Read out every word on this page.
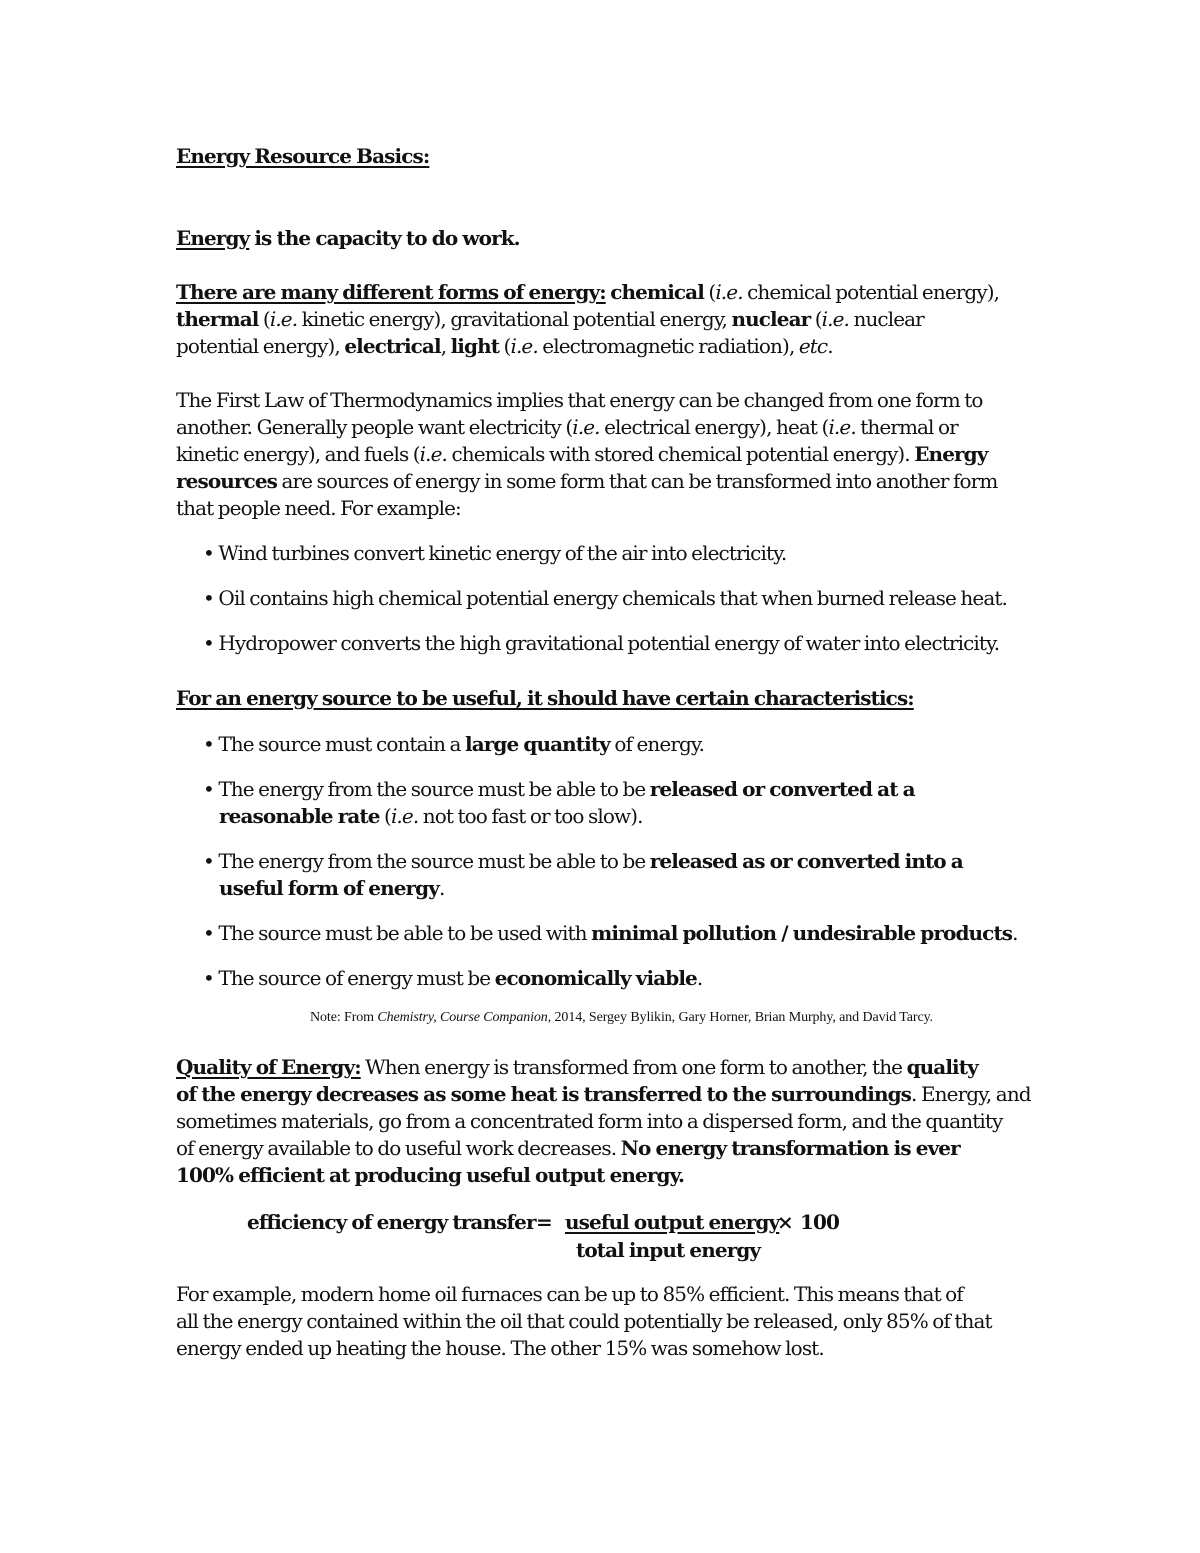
Energy Resource Basics:
Energy is the capacity to do work.
There are many different forms of energy: chemical (i.e. chemical potential energy),
thermal (i.e. kinetic energy), gravitational potential energy, nuclear (i.e. nuclear
potential energy), electrical, light (i.e. electromagnetic radiation), etc.
The First Law of Thermodynamics implies that energy can be changed from one form to
another. Generally people want electricity (i.e. electrical energy), heat (i.e. thermal or
kinetic energy), and fuels (i.e. chemicals with stored chemical potential energy). Energy
resources are sources of energy in some form that can be transformed into another form
that people need. For example:
• Wind turbines convert kinetic energy of the air into electricity.
• Oil contains high chemical potential energy chemicals that when burned release heat.
• Hydropower converts the high gravitational potential energy of water into electricity.
For an energy source to be useful, it should have certain characteristics:
• The source must contain a large quantity of energy.
• The energy from the source must be able to be released or converted at a
reasonable rate (i.e. not too fast or too slow).
• The energy from the source must be able to be released as or converted into a
useful form of energy.
• The source must be able to be used with minimal pollution / undesirable products.
• The source of energy must be economically viable.
Note: From Chemistry, Course Companion, 2014, Sergey Bylikin, Gary Horner, Brian Murphy, and David Tarcy.
Quality of Energy: When energy is transformed from one form to another, the quality
of the energy decreases as some heat is transferred to the surroundings. Energy, and
sometimes materials, go from a concentrated form into a dispersed form, and the quantity
of energy available to do useful work decreases. No energy transformation is ever
100% efficient at producing useful output energy.
efficiency of energy transfer = useful output energy
× 100
total input energy
For example, modern home oil furnaces can be up to 85% efficient. This means that of
all the energy contained within the oil that could potentially be released, only 85% of that
energy ended up heating the house. The other 15% was somehow lost.
